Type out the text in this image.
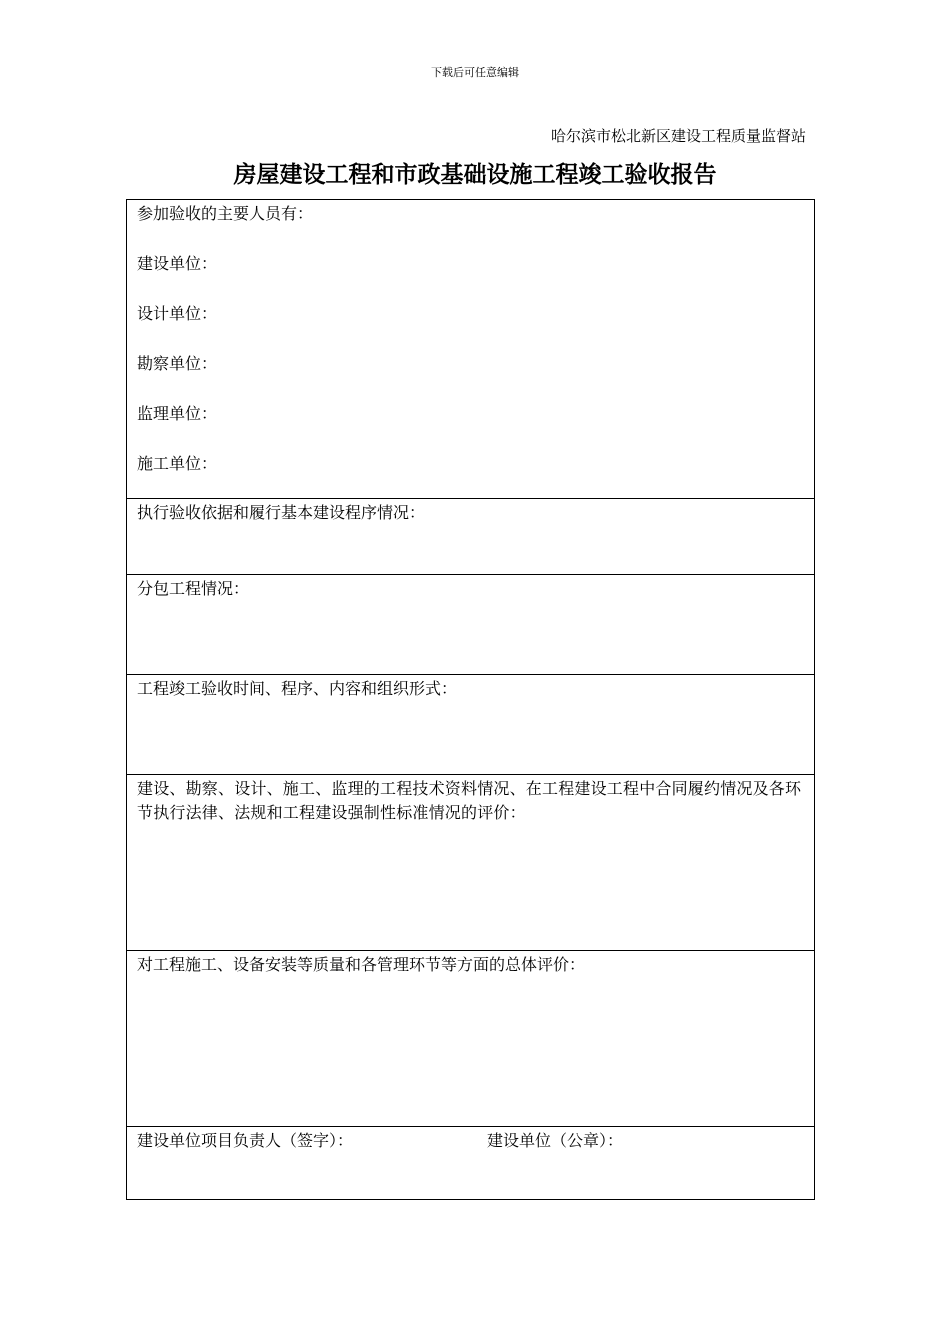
下载后可任意编辑
哈尔滨市松北新区建设工程质量监督站
房屋建设工程和市政基础设施工程竣工验收报告
参加验收的主要人员有：
建设单位：
设计单位：
勘察单位：
监理单位：
施工单位：
执行验收依据和履行基本建设程序情况：
分包工程情况：
工程竣工验收时间、程序、内容和组织形式：
建设、勘察、设计、施工、监理的工程技术资料情况、在工程建设工程中合同履约情况及各环节执行法律、法规和工程建设强制性标准情况的评价：
对工程施工、设备安装等质量和各管理环节等方面的总体评价：
建设单位项目负责人（签字）：	建设单位（公章）：
